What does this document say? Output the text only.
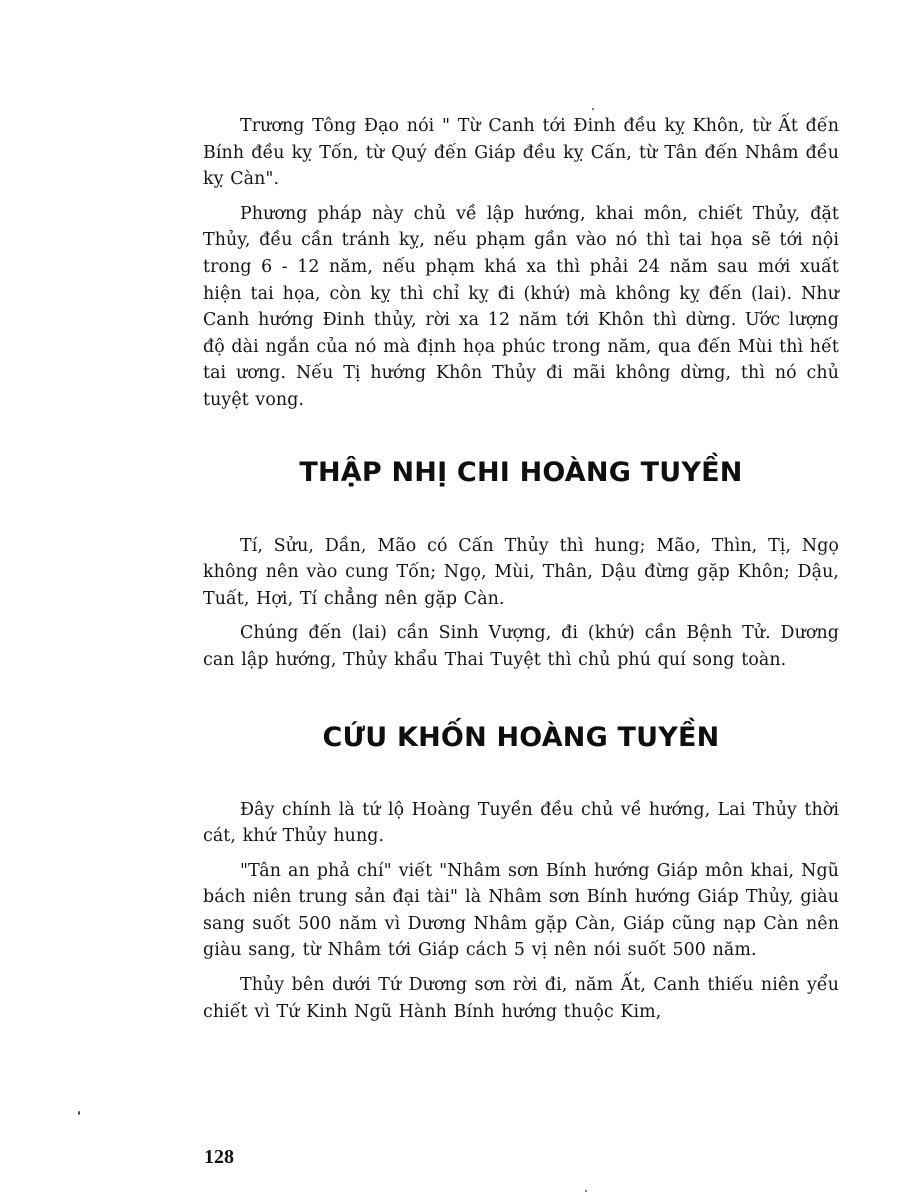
Trương Tông Đạo nói " Từ Canh tới Đinh đều kỵ Khôn, từ Ất đến Bính đều kỵ Tốn, từ Quý đến Giáp đều kỵ Cấn, từ Tân đến Nhâm đều kỵ Càn".

Phương pháp này chủ về lập hướng, khai môn, chiết Thủy, đặt Thủy, đều cần tránh kỵ, nếu phạm gần vào nó thì tai họa sẽ tới nội trong 6 - 12 năm, nếu phạm khá xa thì phải 24 năm sau mới xuất hiện tai họa, còn kỵ thì chỉ kỵ đi (khứ) mà không kỵ đến (lai). Như Canh hướng Đinh thủy, rời xa 12 năm tới Khôn thì dừng. Ước lượng độ dài ngắn của nó mà định họa phúc trong năm, qua đến Mùi thì hết tai ương. Nếu Tị hướng Khôn Thủy đi mãi không dừng, thì nó chủ tuyệt vong.

THẬP NHỊ CHI HOÀNG TUYỀN

Tí, Sửu, Dần, Mão có Cấn Thủy thì hung; Mão, Thìn, Tị, Ngọ không nên vào cung Tốn; Ngọ, Mùi, Thân, Dậu đừng gặp Khôn; Dậu, Tuất, Hợi, Tí chẳng nên gặp Càn.

Chúng đến (lai) cần Sinh Vượng, đi (khứ) cần Bệnh Tử. Dương can lập hướng, Thủy khẩu Thai Tuyệt thì chủ phú quí song toàn.

CỨU KHỐN HOÀNG TUYỀN

Đây chính là tứ lộ Hoàng Tuyền đều chủ về hướng, Lai Thủy thời cát, khứ Thủy hung.

"Tân an phả chí" viết "Nhâm sơn Bính hướng Giáp môn khai, Ngũ bách niên trung sản đại tài" là Nhâm sơn Bính hướng Giáp Thủy, giàu sang suốt 500 năm vì Dương Nhâm gặp Càn, Giáp cũng nạp Càn nên giàu sang, từ Nhâm tới Giáp cách 5 vị nên nói suốt 500 năm.

Thủy bên dưới Tứ Dương sơn rời đi, năm Ất, Canh thiếu niên yểu chiết vì Tứ Kinh Ngũ Hành Bính hướng thuộc Kim,

128
